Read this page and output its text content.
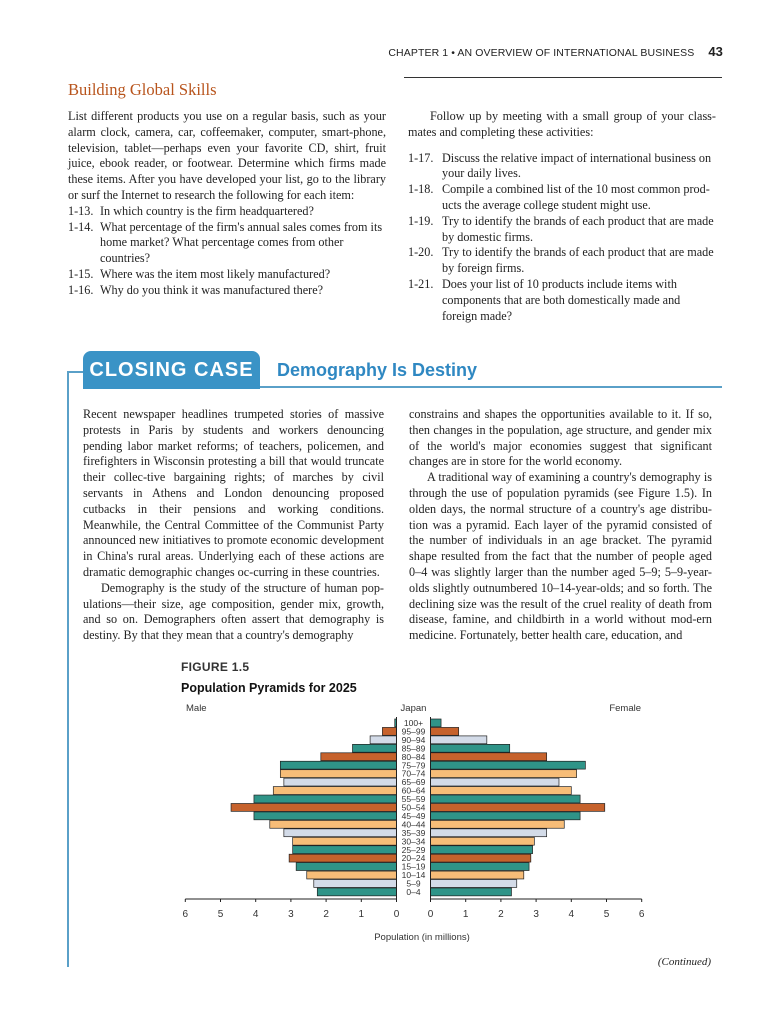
CHAPTER 1 • AN OVERVIEW OF INTERNATIONAL BUSINESS 43
Building Global Skills

List different products you use on a regular basis, such as your alarm clock, camera, car, coffeemaker, computer, smart-phone, television, tablet—perhaps even your favorite CD, shirt, fruit juice, ebook reader, or footwear. Determine which firms made these items. After you have developed your list, go to the library or surf the Internet to research the following for each item:

1-13. In which country is the firm headquartered?
1-14. What percentage of the firm's annual sales comes from its home market? What percentage comes from other countries?
1-15. Where was the item most likely manufactured?
1-16. Why do you think it was manufactured there?

Follow up by meeting with a small group of your class-mates and completing these activities:

1-17. Discuss the relative impact of international business on your daily lives.
1-18. Compile a combined list of the 10 most common prod-ucts the average college student might use.
1-19. Try to identify the brands of each product that are made by domestic firms.
1-20. Try to identify the brands of each product that are made by foreign firms.
1-21. Does your list of 10 products include items with components that are both domestically made and foreign made?
CLOSING CASE	Demography Is Destiny

Recent newspaper headlines trumpeted stories of massive protests in Paris by students and workers denouncing pending labor market reforms; of teachers, policemen, and firefighters in Wisconsin protesting a bill that would truncate their collec-tive bargaining rights; of marches by civil servants in Athens and London denouncing proposed cutbacks in their pensions and working conditions. Meanwhile, the Central Committee of the Communist Party announced new initiatives to promote economic development in China's rural areas. Underlying each of these actions are dramatic demographic changes oc-curring in these countries.

Demography is the study of the structure of human pop-ulations—their size, age composition, gender mix, growth, and so on. Demographers often assert that demography is destiny. By that they mean that a country's demography

constrains and shapes the opportunities available to it. If so, then changes in the population, age structure, and gender mix of the world's major economies suggest that significant changes are in store for the world economy.

A traditional way of examining a country's demography is through the use of population pyramids (see Figure 1.5). In olden days, the normal structure of a country's age distribu-tion was a pyramid. Each layer of the pyramid consisted of the number of individuals in an age bracket. The pyramid shape resulted from the fact that the number of people aged 0–4 was slightly larger than the number aged 5–9; 5–9-year-olds slightly outnumbered 10–14-year-olds; and so forth. The declining size was the result of the cruel reality of death from disease, famine, and childbirth in a world without mod-ern medicine. Fortunately, better health care, education, and

FIGURE 1.5
Population Pyramids for 2025
Male	Female
Japan
100+
95–99
90–94
85–89
80–84
75–79
70–74
65–69
60–64
55–59
50–54
45–49
40–44
35–39
30–34
25–29
20–24
15–19
10–14
5–9
0–4
6	5	4	3	2	1	0	0	1	2	3	4	5	6
Population (in millions)
(Continued)
